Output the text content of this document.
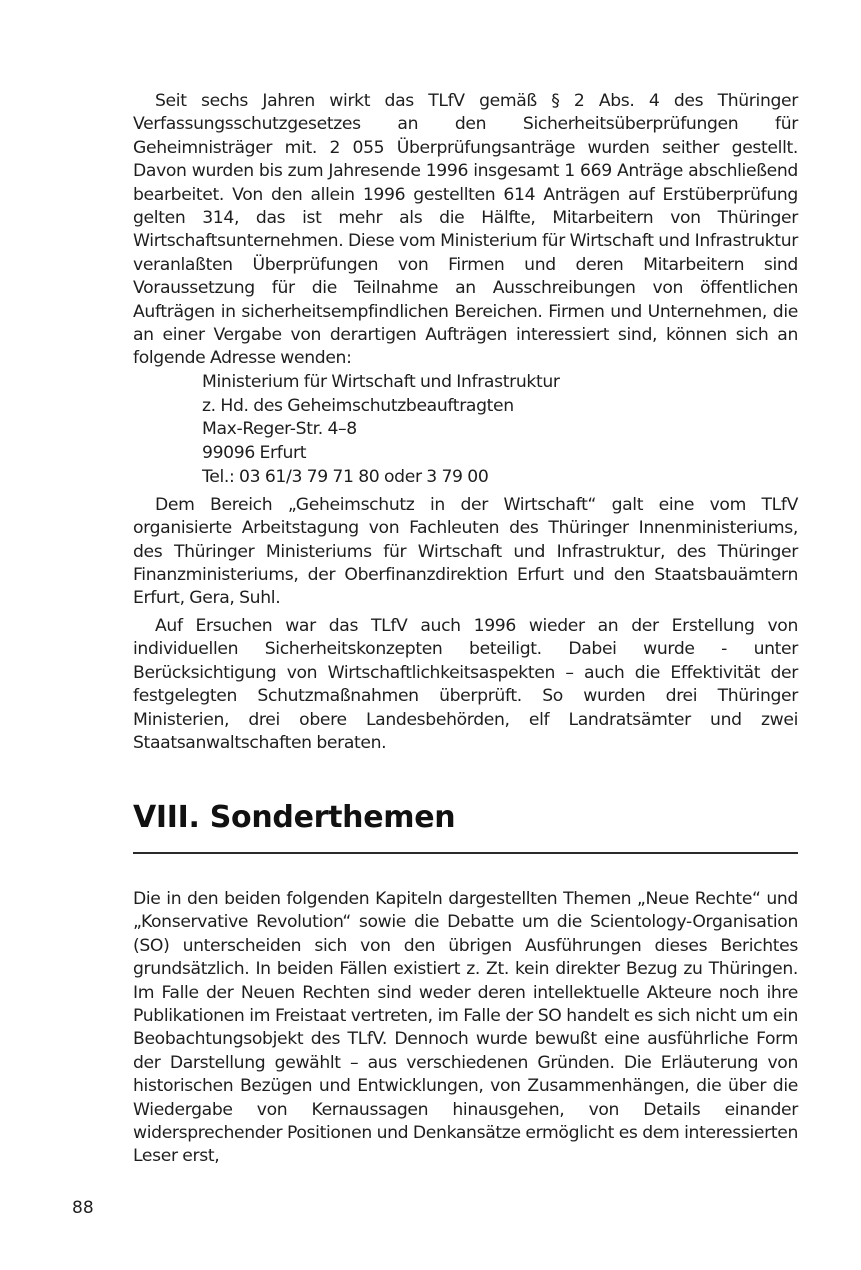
Seit sechs Jahren wirkt das TLfV gemäß § 2 Abs. 4 des Thüringer Verfassungsschutzgesetzes an den Sicherheitsüberprüfungen für Geheimnisträger mit. 2 055 Überprüfungsanträge wurden seither gestellt. Davon wurden bis zum Jahresende 1996 insgesamt 1 669 Anträge abschließend bearbeitet. Von den allein 1996 gestellten 614 Anträgen auf Erstüberprüfung gelten 314, das ist mehr als die Hälfte, Mitarbeitern von Thüringer Wirtschaftsunternehmen. Diese vom Ministerium für Wirtschaft und Infrastruktur veranlaßten Überprüfungen von Firmen und deren Mitarbeitern sind Voraussetzung für die Teilnahme an Ausschreibungen von öffentlichen Aufträgen in sicherheitsempfindlichen Bereichen. Firmen und Unternehmen, die an einer Vergabe von derartigen Aufträgen interessiert sind, können sich an folgende Adresse wenden:

Ministerium für Wirtschaft und Infrastruktur
z. Hd. des Geheimschutzbeauftragten
Max-Reger-Str. 4–8
99096 Erfurt
Tel.: 03 61/3 79 71 80 oder 3 79 00

Dem Bereich „Geheimschutz in der Wirtschaft“ galt eine vom TLfV organisierte Arbeitstagung von Fachleuten des Thüringer Innenministeriums, des Thüringer Ministeriums für Wirtschaft und Infrastruktur, des Thüringer Finanzministeriums, der Oberfinanzdirektion Erfurt und den Staatsbauämtern Erfurt, Gera, Suhl.

Auf Ersuchen war das TLfV auch 1996 wieder an der Erstellung von individuellen Sicherheitskonzepten beteiligt. Dabei wurde - unter Berücksichtigung von Wirtschaftlichkeitsaspekten – auch die Effektivität der festgelegten Schutzmaßnahmen überprüft. So wurden drei Thüringer Ministerien, drei obere Landesbehörden, elf Landratsämter und zwei Staatsanwaltschaften beraten.

VIII. Sonderthemen

Die in den beiden folgenden Kapiteln dargestellten Themen „Neue Rechte“ und „Konservative Revolution“ sowie die Debatte um die Scientology-Organisation (SO) unterscheiden sich von den übrigen Ausführungen dieses Berichtes grundsätzlich. In beiden Fällen existiert z. Zt. kein direkter Bezug zu Thüringen. Im Falle der Neuen Rechten sind weder deren intellektuelle Akteure noch ihre Publikationen im Freistaat vertreten, im Falle der SO handelt es sich nicht um ein Beobachtungsobjekt des TLfV. Dennoch wurde bewußt eine ausführliche Form der Darstellung gewählt – aus verschiedenen Gründen. Die Erläuterung von historischen Bezügen und Entwicklungen, von Zusammenhängen, die über die Wiedergabe von Kernaussagen hinausgehen, von Details einander widersprechender Positionen und Denkansätze ermöglicht es dem interessierten Leser erst,

88
